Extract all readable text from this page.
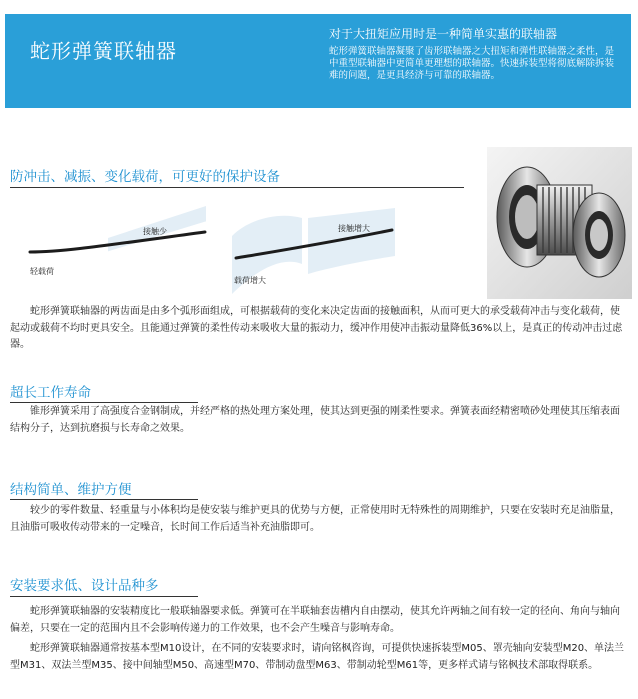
蛇形弹簧联轴器
对于大扭矩应用时是一种简单实惠的联轴器
蛇形弹簧联轴器凝聚了齿形联轴器之大扭矩和弹性联轴器之柔性，是中重型联轴器中更简单更理想的联轴器。快速拆装型将彻底解除拆装难的问题，是更具经济与可靠的联轴器。
防冲击、减振、变化载荷，可更好的保护设备
轻载荷
接触少
载荷增大
接触增大

蛇形弹簧联轴器的两齿面是由多个弧形面组成，可根据载荷的变化来决定齿面的接触面积，从而可更大的承受载荷冲击与变化载荷，使起动或载荷不均时更具安全。且能通过弹簧的柔性传动来吸收大量的振动力，缓冲作用使冲击振动量降低36%以上，是真正的传动冲击过虑器。

超长工作寿命

锥形弹簧采用了高强度合金钢制成，并经严格的热处理方案处理，使其达到更强的刚柔性要求。弹簧表面经精密喷砂处理使其压缩表面结构分子，达到抗磨损与长寿命之效果。

结构简单、维护方便

较少的零件数量、轻重量与小体积均是使安装与维护更具的优势与方便，正常使用时无特殊性的周期维护，只要在安装时充足油脂量，且油脂可吸收传动带来的一定噪音，长时间工作后适当补充油脂即可。

安装要求低、设计品种多

蛇形弹簧联轴器的安装精度比一般联轴器要求低。弹簧可在半联轴套齿槽内自由摆动，使其允许两轴之间有较一定的径向、角向与轴向偏差，只要在一定的范围内且不会影响传递力的工作效果，也不会产生噪音与影响寿命。

蛇形弹簧联轴器通常按基本型M10设计，在不同的安装要求时，请向铭枫咨询，可提供快速拆装型M05、罩壳轴向安装型M20、单法兰型M31、双法兰型M35、接中间轴型M50、高速型M70、带制动盘型M63、带制动轮型M61等，更多样式请与铭枫技术部取得联系。
